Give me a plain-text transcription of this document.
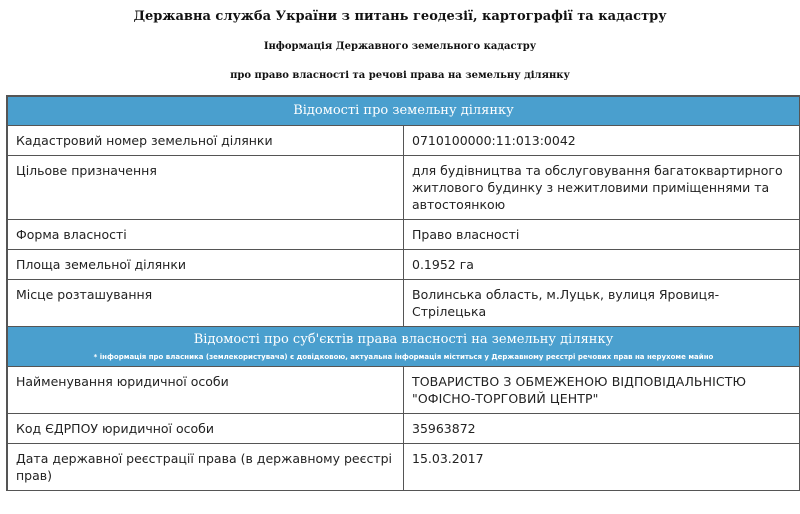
Державна служба України з питань геодезії, картографії та кадастру
Інформація Державного земельного кадастру
про право власності та речові права на земельну ділянку
Відомості про земельну ділянку	
Кадастровий номер земельної ділянки	0710100000:11:013:0042
Цільове призначення	для будівництва та обслуговування багатоквартирного житлового будинку з нежитловими приміщеннями та автостоянкою
Форма власності	Право власності
Площа земельної ділянки	0.1952 га
Місце розташування	Волинська область, м.Луцьк, вулиця Яровиця-Стрілецька

Відомості про суб'єктів права власності на земельну ділянку
* інформація про власника (землекористувача) є довідковою, актуальна інформація міститься у Державному реєстрі речових прав на нерухоме майно	

Найменування юридичної особи	ТОВАРИСТВО З ОБМЕЖЕНОЮ ВІДПОВІДАЛЬНІСТЮ "ОФІСНО-ТОРГОВИЙ ЦЕНТР"
Код ЄДРПОУ юридичної особи	35963872
Дата державної реєстрації права (в державному реєстрі прав)	15.03.2017
